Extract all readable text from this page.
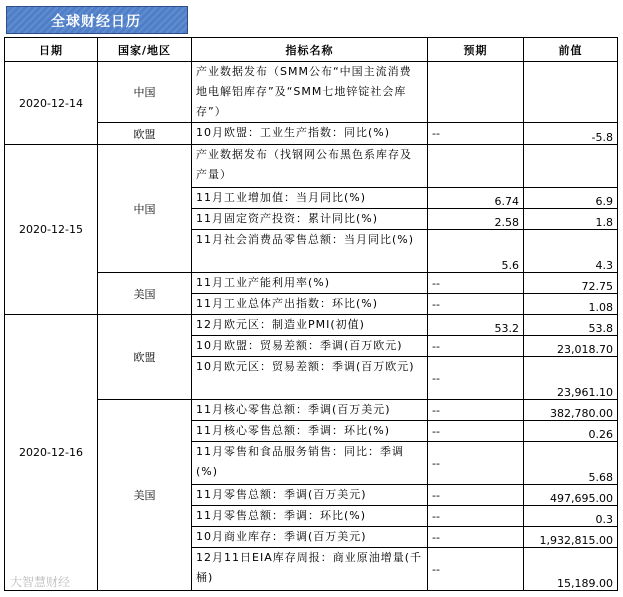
全球财经日历
日期	国家/地区	指标名称	预期	前值
2020-12-14	中国	产业数据发布（SMM公布“中国主流消费地电解铝库存”及“SMM七地锌锭社会库存”）		
	欧盟	10月欧盟：工业生产指数：同比(%)	--	-5.8
2020-12-15	中国	产业数据发布（找钢网公布黑色系库存及产量）		
		11月工业增加值：当月同比(%)	6.74	6.9
		11月固定资产投资：累计同比(%)	2.58	1.8
		11月社会消费品零售总额：当月同比(%)	5.6	4.3
	美国	11月工业产能利用率(%)	--	72.75
		11月工业总体产出指数：环比(%)	--	1.08
2020-12-16	欧盟	12月欧元区：制造业PMI(初值)	53.2	53.8
		10月欧盟：贸易差额：季调(百万欧元)	--	23,018.70
		10月欧元区：贸易差额：季调(百万欧元)	--	23,961.10
	美国	11月核心零售总额：季调(百万美元)	--	382,780.00
		11月核心零售总额：季调：环比(%)	--	0.26
		11月零售和食品服务销售：同比：季调(%)	--	5.68
		11月零售总额：季调(百万美元)	--	497,695.00
		11月零售总额：季调：环比(%)	--	0.3
		10月商业库存：季调(百万美元)	--	1,932,815.00
		12月11日EIA库存周报：商业原油增量(千桶)	--	15,189.00
大智慧财经
